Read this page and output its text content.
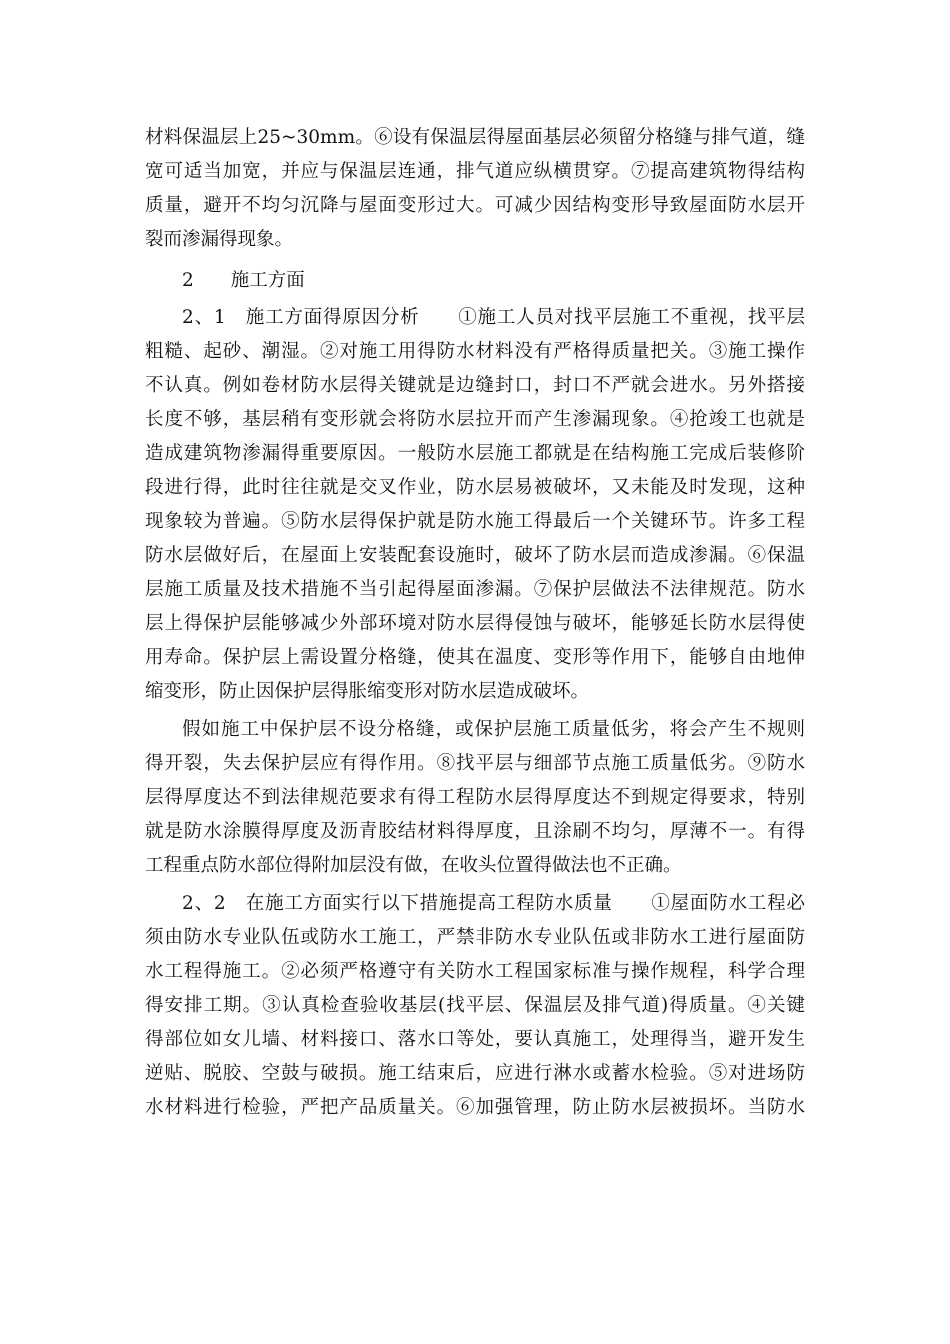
材料保温层上25~30mm。⑥设有保温层得屋面基层必须留分格缝与排气道，缝
宽可适当加宽，并应与保温层连通，排气道应纵横贯穿。⑦提高建筑物得结构
质量，避开不均匀沉降与屋面变形过大。可减少因结构变形导致屋面防水层开
裂而渗漏得现象。
2　　施工方面
2、1　施工方面得原因分析　　①施工人员对找平层施工不重视，找平层
粗糙、起砂、潮湿。②对施工用得防水材料没有严格得质量把关。③施工操作
不认真。例如卷材防水层得关键就是边缝封口，封口不严就会进水。另外搭接
长度不够，基层稍有变形就会将防水层拉开而产生渗漏现象。④抢竣工也就是
造成建筑物渗漏得重要原因。一般防水层施工都就是在结构施工完成后装修阶
段进行得，此时往往就是交叉作业，防水层易被破坏，又未能及时发现，这种
现象较为普遍。⑤防水层得保护就是防水施工得最后一个关键环节。许多工程
防水层做好后，在屋面上安装配套设施时，破坏了防水层而造成渗漏。⑥保温
层施工质量及技术措施不当引起得屋面渗漏。⑦保护层做法不法律规范。防水
层上得保护层能够减少外部环境对防水层得侵蚀与破坏，能够延长防水层得使
用寿命。保护层上需设置分格缝，使其在温度、变形等作用下，能够自由地伸
缩变形，防止因保护层得胀缩变形对防水层造成破坏。
假如施工中保护层不设分格缝，或保护层施工质量低劣，将会产生不规则
得开裂，失去保护层应有得作用。⑧找平层与细部节点施工质量低劣。⑨防水
层得厚度达不到法律规范要求有得工程防水层得厚度达不到规定得要求，特别
就是防水涂膜得厚度及沥青胶结材料得厚度，且涂刷不均匀，厚薄不一。有得
工程重点防水部位得附加层没有做，在收头位置得做法也不正确。
2、2　在施工方面实行以下措施提高工程防水质量　　①屋面防水工程必
须由防水专业队伍或防水工施工，严禁非防水专业队伍或非防水工进行屋面防
水工程得施工。②必须严格遵守有关防水工程国家标准与操作规程，科学合理
得安排工期。③认真检查验收基层(找平层、保温层及排气道)得质量。④关键
得部位如女儿墙、材料接口、落水口等处，要认真施工，处理得当，避开发生
逆贴、脱胶、空鼓与破损。施工结束后，应进行淋水或蓄水检验。⑤对进场防
水材料进行检验，严把产品质量关。⑥加强管理，防止防水层被损坏。当防水
